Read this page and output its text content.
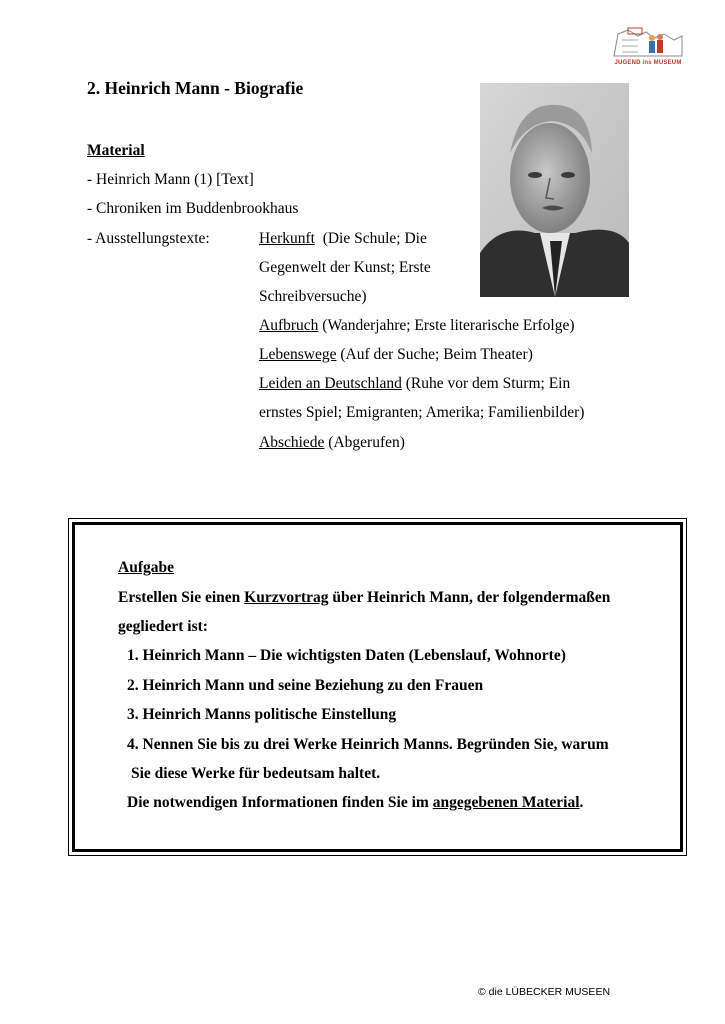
JUGEND ins MUSEUM
2. Heinrich Mann - Biografie
Material
- Heinrich Mann (1) [Text]
- Chroniken im Buddenbrookhaus
- Ausstellungstexte:	Herkunft (Die Schule; Die
Gegenwelt der Kunst; Erste
Schreibversuche)
Aufbruch (Wanderjahre; Erste literarische Erfolge)
Lebenswege (Auf der Suche; Beim Theater)
Leiden an Deutschland (Ruhe vor dem Sturm; Ein
ernstes Spiel; Emigranten; Amerika; Familienbilder)
Abschiede (Abgerufen)
Aufgabe
Erstellen Sie einen Kurzvortrag über Heinrich Mann, der folgendermaßen
gegliedert ist:
1. Heinrich Mann – Die wichtigsten Daten (Lebenslauf, Wohnorte)
2. Heinrich Mann und seine Beziehung zu den Frauen
3. Heinrich Manns politische Einstellung
4. Nennen Sie bis zu drei Werke Heinrich Manns. Begründen Sie, warum
Sie diese Werke für bedeutsam haltet.
Die notwendigen Informationen finden Sie im angegebenen Material.
© die LÜBECKER MUSEEN
